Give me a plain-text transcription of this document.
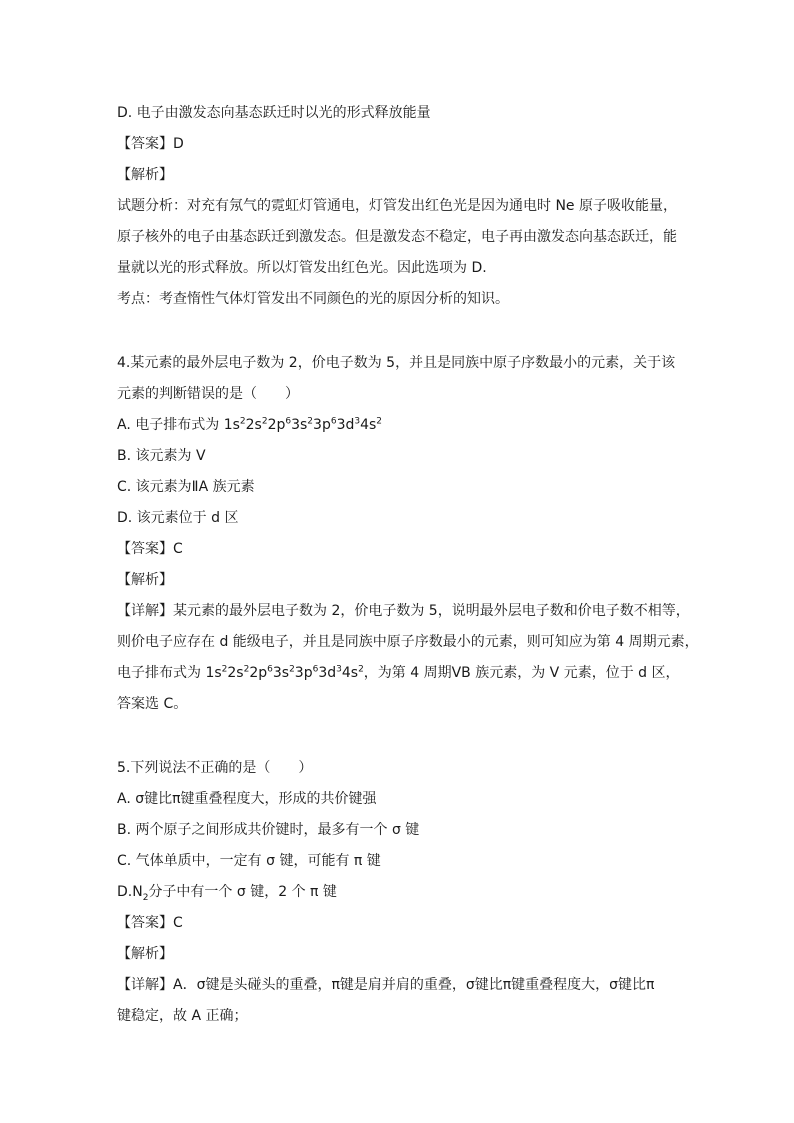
D. 电子由激发态向基态跃迁时以光的形式释放能量
【答案】D
【解析】
试题分析：对充有氖气的霓虹灯管通电，灯管发出红色光是因为通电时 Ne 原子吸收能量，
原子核外的电子由基态跃迁到激发态。但是激发态不稳定，电子再由激发态向基态跃迁，能
量就以光的形式释放。所以灯管发出红色光。因此选项为 D.
考点：考查惰性气体灯管发出不同颜色的光的原因分析的知识。
4.某元素的最外层电子数为 2，价电子数为 5，并且是同族中原子序数最小的元素，关于该
元素的判断错误的是（　　）
A. 电子排布式为 $1s^22s^22p^63s^23p^63d^34s^2$
B. 该元素为 V
C. 该元素为ⅡA 族元素
D. 该元素位于 d 区
【答案】C
【解析】
【详解】某元素的最外层电子数为 2，价电子数为 5，说明最外层电子数和价电子数不相等，
则价电子应存在 d 能级电子，并且是同族中原子序数最小的元素，则可知应为第 4 周期元素，
电子排布式为 $1s^22s^22p^63s^23p^63d^34s^2$，为第 4 周期ⅤB 族元素，为 V 元素，位于 d 区，
答案选 C。
5.下列说法不正确的是（　　）
A. σ键比π键重叠程度大，形成的共价键强
B. 两个原子之间形成共价键时，最多有一个 σ 键
C. 气体单质中，一定有 σ 键，可能有 π 键
$D.N_2$分子中有一个 σ 键，2 个 π 键
【答案】C
【解析】
【详解】A．σ键是头碰头的重叠，π键是肩并肩的重叠，σ键比π键重叠程度大，σ键比π
键稳定，故 A 正确；
